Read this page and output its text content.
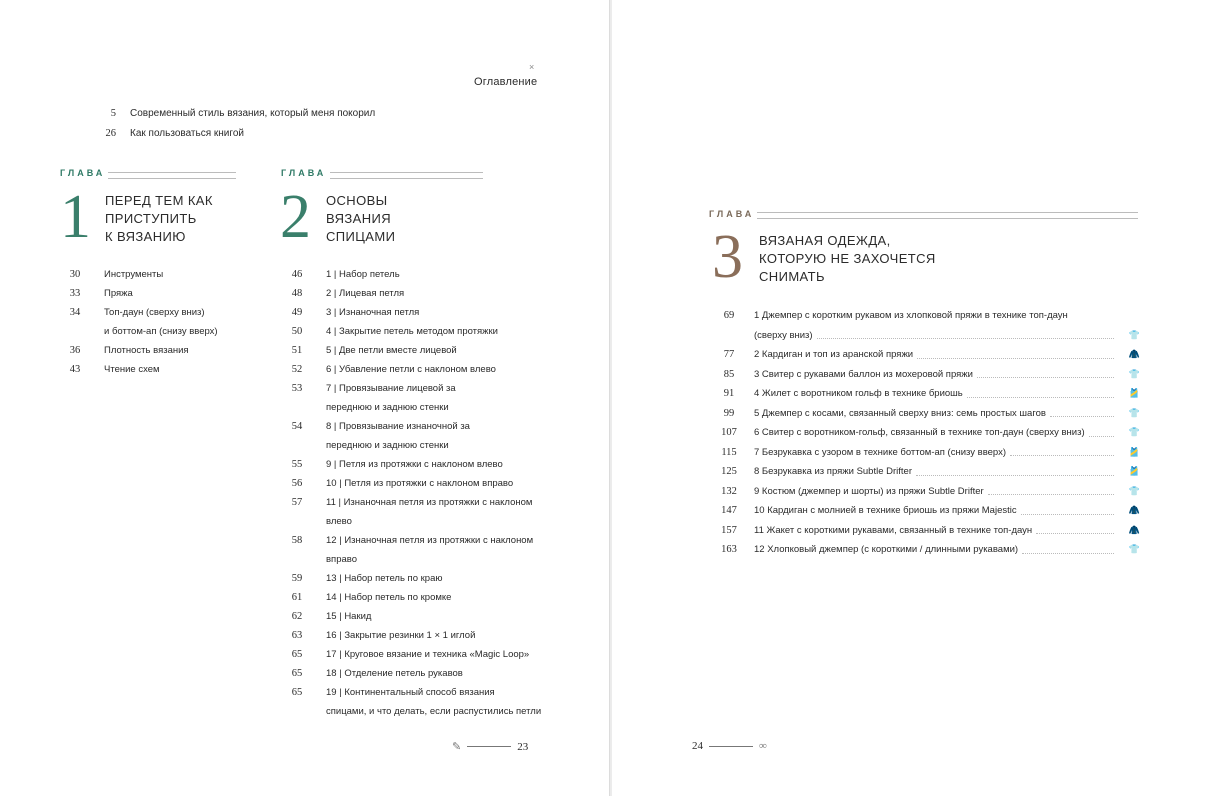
×
Оглавление
5 Современный стиль вязания, который меня покорил
26 Как пользоваться книгой
ГЛАВА
1 ПЕРЕД ТЕМ КАК
ПРИСТУПИТЬ
К ВЯЗАНИЮ
30	Инструменты
33	Пряжа
34	Топ-даун (сверху вниз)
и боттом-ап (снизу вверх)
36	Плотность вязания
43	Чтение схем
ГЛАВА
2 ОСНОВЫ
ВЯЗАНИЯ
СПИЦАМИ
46	1 | Набор петель
48	2 | Лицевая петля
49	3 | Изнаночная петля
50	4 | Закрытие петель методом протяжки
51	5 | Две петли вместе лицевой
52	6 | Убавление петли с наклоном влево
53	7 | Провязывание лицевой за
переднюю и заднюю стенки
54	8 | Провязывание изнаночной за
переднюю и заднюю стенки
55	9 | Петля из протяжки с наклоном влево
56	10 | Петля из протяжки с наклоном вправо
57	11 | Изнаночная петля из протяжки с наклоном
влево
58	12 | Изнаночная петля из протяжки с наклоном
вправо
59	13 | Набор петель по краю
61	14 | Набор петель по кромке
62	15 | Накид
63	16 | Закрытие резинки 1 × 1 иглой
65	17 | Круговое вязание и техника «Magic Loop»
65	18 | Отделение петель рукавов
65	19 | Континентальный способ вязания
спицами, и что делать, если распустились петли
✎	23
ГЛАВА
3 ВЯЗАНАЯ ОДЕЖДА,
КОТОРУЮ НЕ ЗАХОЧЕТСЯ
СНИМАТЬ
69	1 Джемпер с коротким рукавом из хлопковой пряжи в технике топ-даун
(сверху вниз)	👕
77	2 Кардиган и топ из аранской пряжи	🧥
85	3 Свитер с рукавами баллон из мохеровой пряжи	👕
91	4 Жилет с воротником гольф в технике бриошь	🎽
99	5 Джемпер с косами, связанный сверху вниз: семь простых шагов	👕
107	6 Свитер с воротником-гольф, связанный в технике топ-даун (сверху вниз)	👕
115	7 Безрукавка с узором в технике боттом-ап (снизу вверх)	🎽
125	8 Безрукавка из пряжи Subtle Drifter	🎽
132	9 Костюм (джемпер и шорты) из пряжи Subtle Drifter	👕
147	10 Кардиган с молнией в технике бриошь из пряжи Majestic	🧥
157	11 Жакет с короткими рукавами, связанный в технике топ-даун	🧥
163	12 Хлопковый джемпер (с короткими / длинными рукавами)	👕
24	∞
